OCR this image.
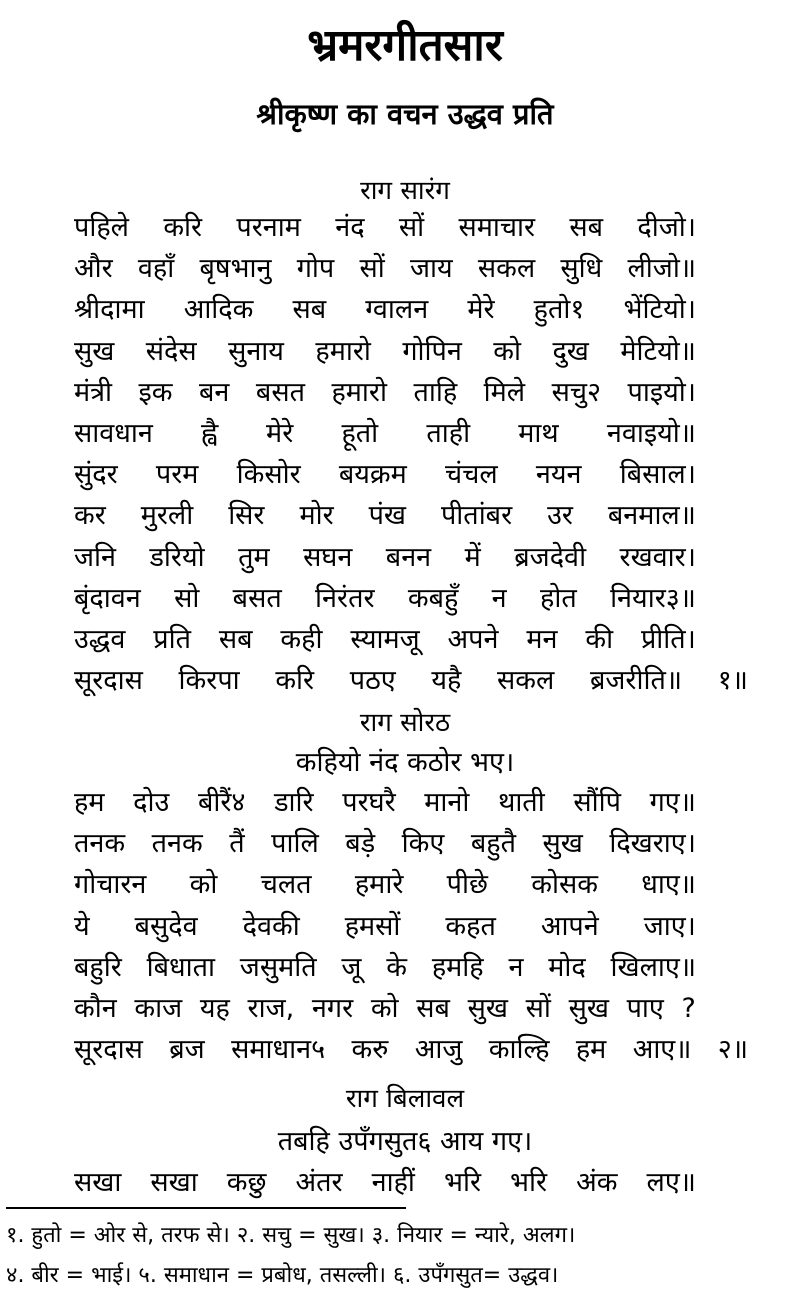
भ्रमरगीतसार
श्रीकृष्ण का वचन उद्धव प्रति
राग सारंग
पहिले करि परनाम नंद सों समाचार सब दीजो।
और वहाँ बृषभानु गोप सों जाय सकल सुधि लीजो॥
श्रीदामा आदिक सब ग्वालन मेरे हुतो१ भेंटियो।
सुख संदेस सुनाय हमारो गोपिन को दुख मेटियो॥
मंत्री इक बन बसत हमारो ताहि मिले सचु२ पाइयो।
सावधान ह्वै मेरे हूतो ताही माथ नवाइयो॥
सुंदर परम किसोर बयक्रम चंचल नयन बिसाल।
कर मुरली सिर मोर पंख पीतांबर उर बनमाल॥
जनि डरियो तुम सघन बनन में ब्रजदेवी रखवार।
बृंदावन सो बसत निरंतर कबहुँ न होत नियार३॥
उद्धव प्रति सब कही स्यामजू अपने मन की प्रीति।
सूरदास किरपा करि पठए यहै सकल ब्रजरीति॥ १॥
राग सोरठ
कहियो नंद कठोर भए।
हम दोउ बीरैं४ डारि परघरै मानो थाती सौंपि गए॥
तनक तनक तैं पालि बड़े किए बहुतै सुख दिखराए।
गोचारन को चलत हमारे पीछे कोसक धाए॥
ये बसुदेव देवकी हमसों कहत आपने जाए।
बहुरि बिधाता जसुमति जू के हमहि न मोद खिलाए॥
कौन काज यह राज, नगर को सब सुख सों सुख पाए ?
सूरदास ब्रज समाधान५ करु आजु काल्हि हम आए॥ २॥
राग बिलावल
तबहि उपँगसुत६ आय गए।
सखा सखा कछु अंतर नाहीं भरि भरि अंक लए॥
१. हुतो = ओर से, तरफ से। २. सचु = सुख। ३. नियार = न्यारे, अलग।
४. बीर = भाई। ५. समाधान = प्रबोध, तसल्ली। ६. उपँगसुत= उद्धव।
